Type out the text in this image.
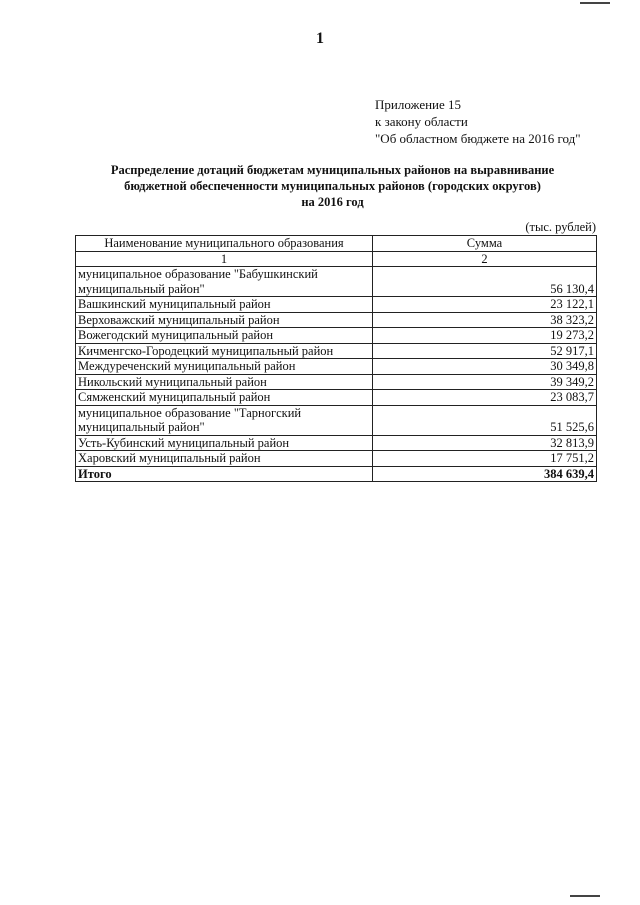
1
Приложение 15
к закону области
"Об областном бюджете на 2016 год"
Распределение дотаций бюджетам муниципальных районов на выравнивание
бюджетной обеспеченности муниципальных районов (городских округов)
на 2016 год
(тыс. рублей)
Наименование муниципального образования	Сумма
1	2
муниципальное образование "Бабушкинский муниципальный район"	56 130,4
Вашкинский муниципальный район	23 122,1
Верховажский муниципальный район	38 323,2
Вожегодский муниципальный район	19 273,2
Кичменгско-Городецкий муниципальный район	52 917,1
Междуреченский муниципальный район	30 349,8
Никольский муниципальный район	39 349,2
Сямженский муниципальный район	23 083,7
муниципальное образование "Тарногский муниципальный район"	51 525,6
Усть-Кубинский муниципальный район	32 813,9
Харовский муниципальный район	17 751,2
Итого	384 639,4
